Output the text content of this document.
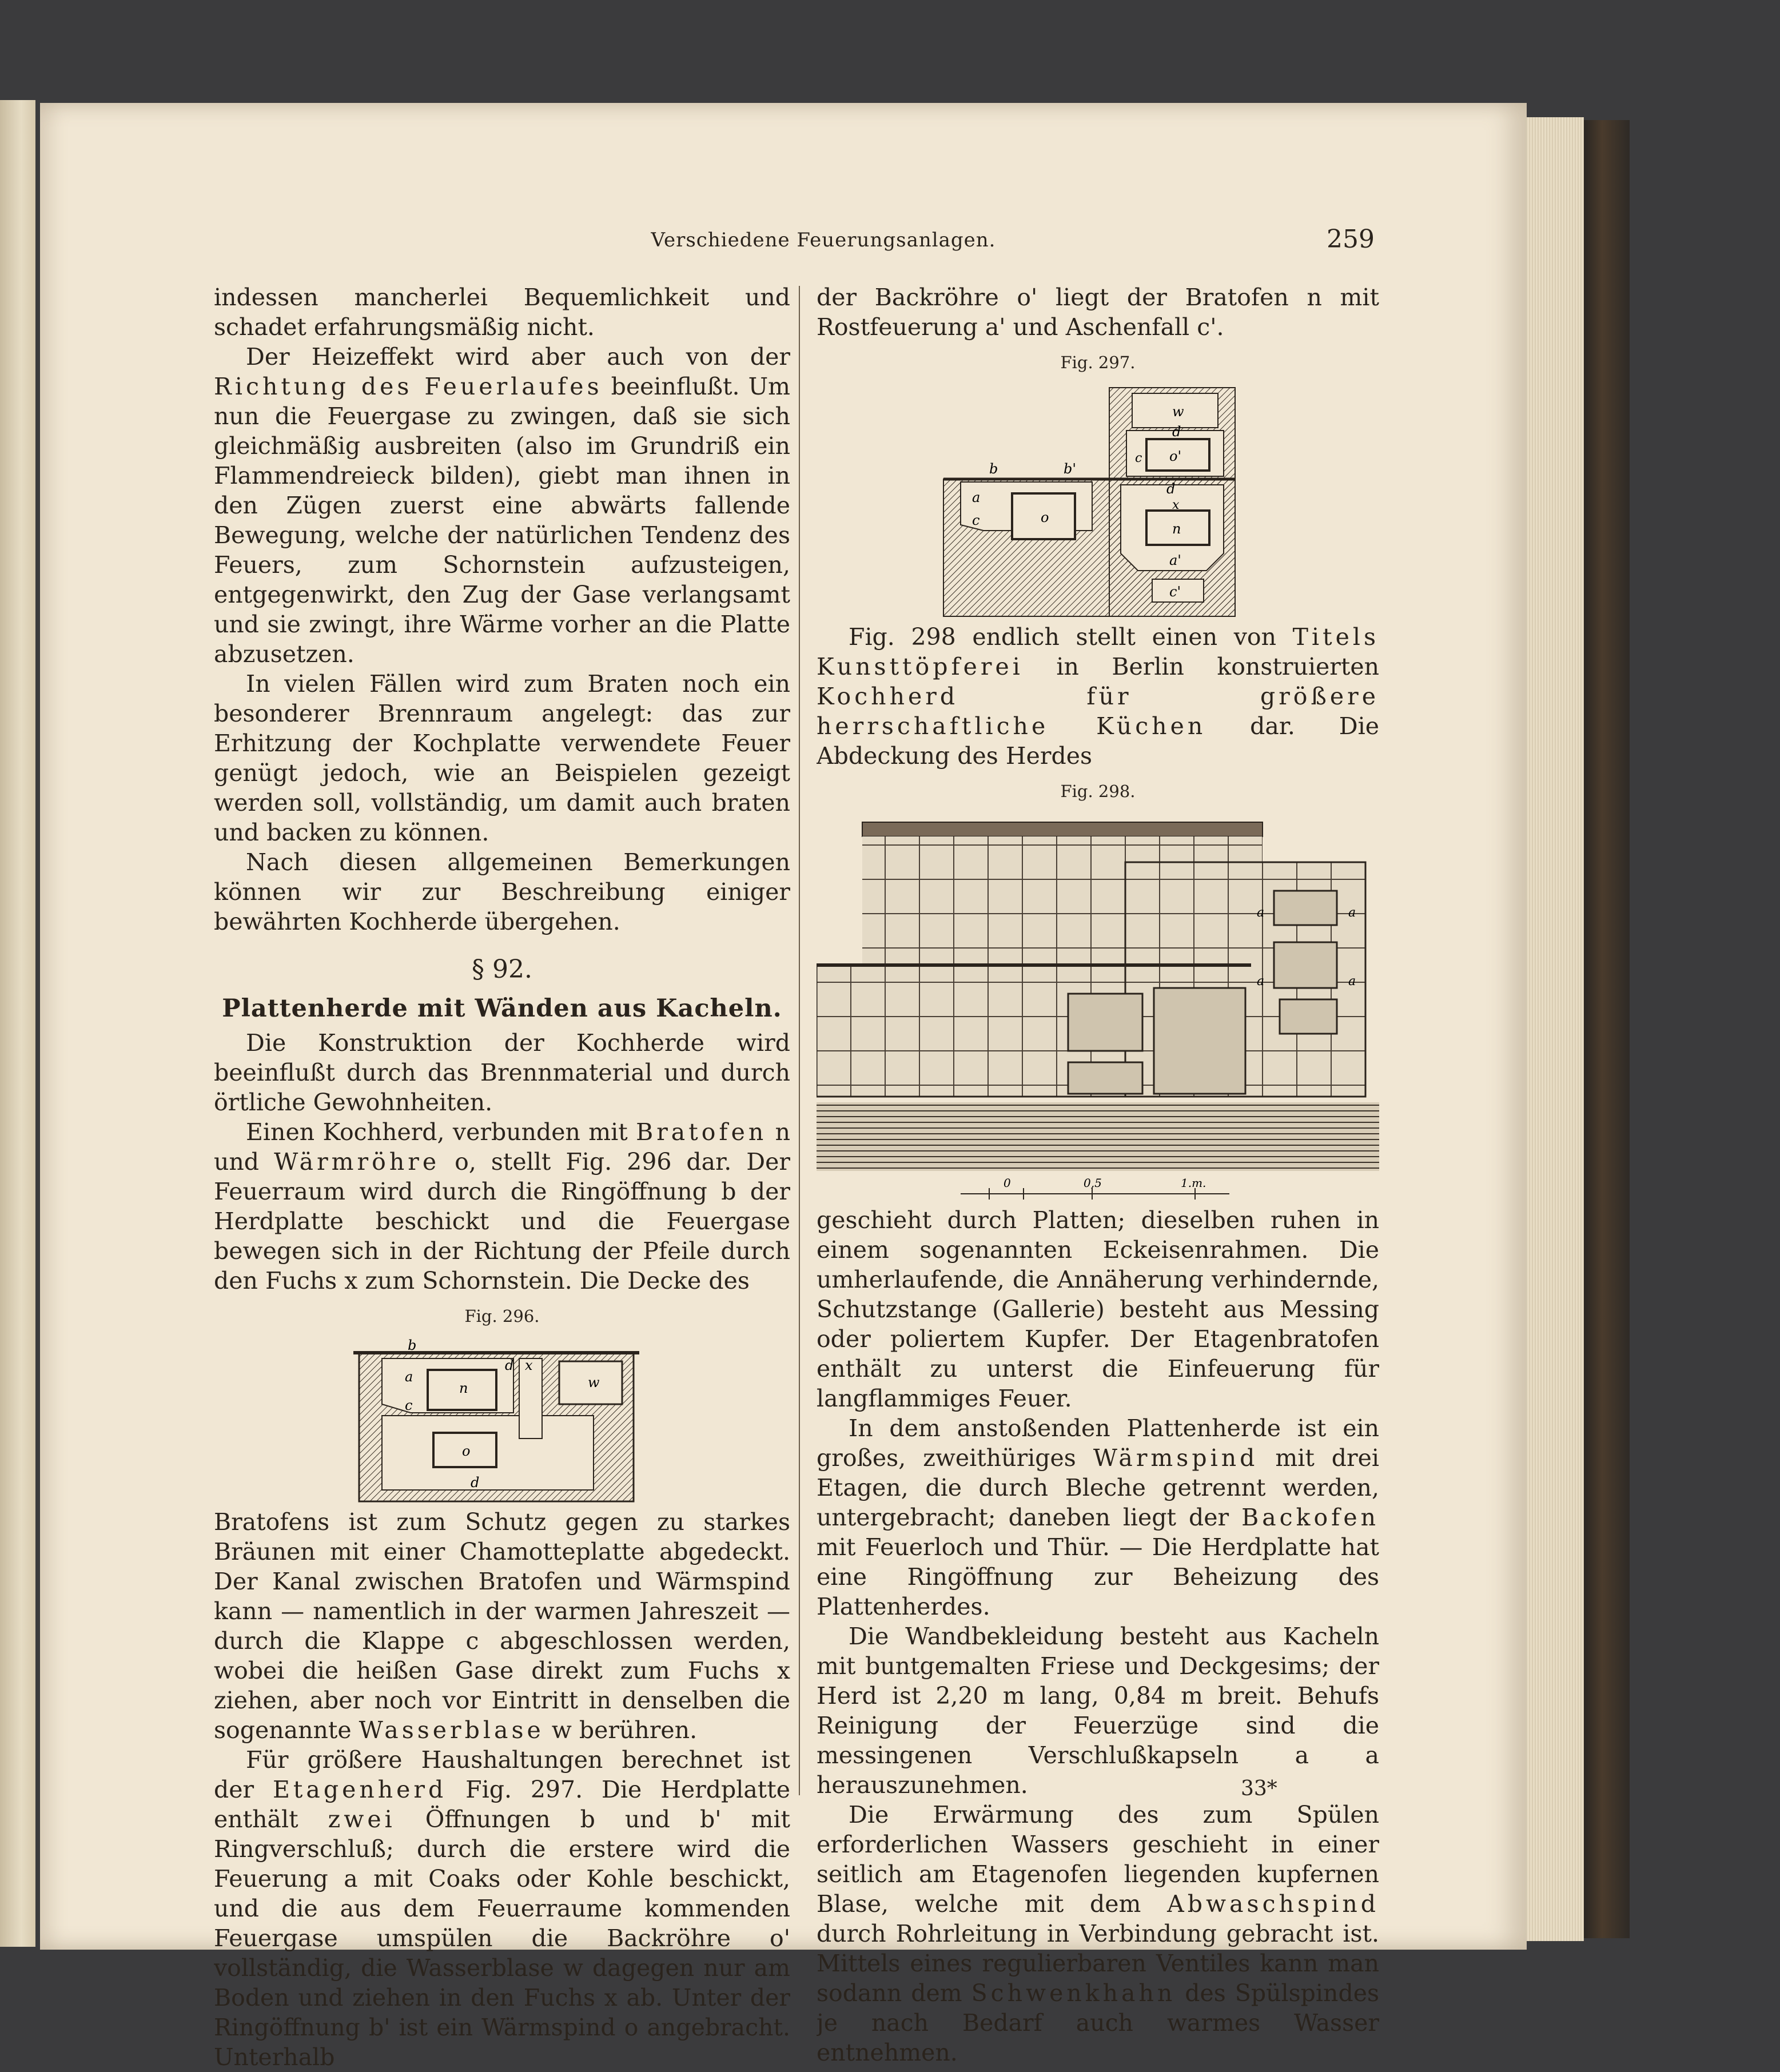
Verschiedene Feuerungsanlagen.	259

indessen mancherlei Bequemlichkeit und schadet erfahrungsmäßig nicht.

Der Heizeffekt wird aber auch von der Richtung des Feuerlaufes beeinflußt. Um nun die Feuergase zu zwingen, daß sie sich gleichmäßig ausbreiten (also im Grundriß ein Flammendreieck bilden), giebt man ihnen in den Zügen zuerst eine abwärts fallende Bewegung, welche der natürlichen Tendenz des Feuers, zum Schornstein aufzusteigen, entgegenwirkt, den Zug der Gase verlangsamt und sie zwingt, ihre Wärme vorher an die Platte abzusetzen.

In vielen Fällen wird zum Braten noch ein besonderer Brennraum angelegt: das zur Erhitzung der Kochplatte verwendete Feuer genügt jedoch, wie an Beispielen gezeigt werden soll, vollständig, um damit auch braten und backen zu können.

Nach diesen allgemeinen Bemerkungen können wir zur Beschreibung einiger bewährten Kochherde übergehen.

§ 92.

Plattenherde mit Wänden aus Kacheln.

Die Konstruktion der Kochherde wird beeinflußt durch das Brennmaterial und durch örtliche Gewohnheiten.

Einen Kochherd, verbunden mit Bratofen n und Wärmröhre o, stellt Fig. 296 dar. Der Feuerraum wird durch die Ringöffnung b der Herdplatte beschickt und die Feuergase bewegen sich in der Richtung der Pfeile durch den Fuchs x zum Schornstein. Die Decke des

Fig. 296.
b
a
c
n
d x
w
o
d

Bratofens ist zum Schutz gegen zu starkes Bräunen mit einer Chamotteplatte abgedeckt. Der Kanal zwischen Bratofen und Wärmspind kann — namentlich in der warmen Jahreszeit — durch die Klappe c abgeschlossen werden, wobei die heißen Gase direkt zum Fuchs x ziehen, aber noch vor Eintritt in denselben die sogenannte Wasserblase w berühren.

Für größere Haushaltungen berechnet ist der Etagenherd Fig. 297. Die Herdplatte enthält zwei Öffnungen b und b' mit Ringverschluß; durch die erstere wird die Feuerung a mit Coaks oder Kohle beschickt, und die aus dem Feuerraume kommenden Feuergase umspülen die Backröhre o' vollständig, die Wasserblase w dagegen nur am Boden und ziehen in den Fuchs x ab. Unter der Ringöffnung b' ist ein Wärmspind o angebracht. Unterhalb

der Backröhre o' liegt der Bratofen n mit Rostfeuerung a' und Aschenfall c'.

Fig. 297.
w
d
o'
c
b	b'
d
a
c	o
x
n
a'
c'

Fig. 298 endlich stellt einen von Titels Kunsttöpferei in Berlin konstruierten Kochherd für größere herrschaftliche Küchen dar. Die Abdeckung des Herdes

Fig. 298.
a	a
a	a
0	0,5	1.m.

geschieht durch Platten; dieselben ruhen in einem sogenannten Eckeisenrahmen. Die umherlaufende, die Annäherung verhindernde, Schutzstange (Gallerie) besteht aus Messing oder poliertem Kupfer. Der Etagenbratofen enthält zu unterst die Einfeuerung für langflammiges Feuer.

In dem anstoßenden Plattenherde ist ein großes, zweithüriges Wärmspind mit drei Etagen, die durch Bleche getrennt werden, untergebracht; daneben liegt der Backofen mit Feuerloch und Thür. — Die Herdplatte hat eine Ringöffnung zur Beheizung des Plattenherdes.

Die Wandbekleidung besteht aus Kacheln mit buntgemalten Friese und Deckgesims; der Herd ist 2,20 m lang, 0,84 m breit. Behufs Reinigung der Feuerzüge sind die messingenen Verschlußkapseln a a herauszunehmen.

Die Erwärmung des zum Spülen erforderlichen Wassers geschieht in einer seitlich am Etagenofen liegenden kupfernen Blase, welche mit dem Abwaschspind durch Rohrleitung in Verbindung gebracht ist. Mittels eines regulierbaren Ventiles kann man sodann dem Schwenkhahn des Spülspindes je nach Bedarf auch warmes Wasser entnehmen.

33*
